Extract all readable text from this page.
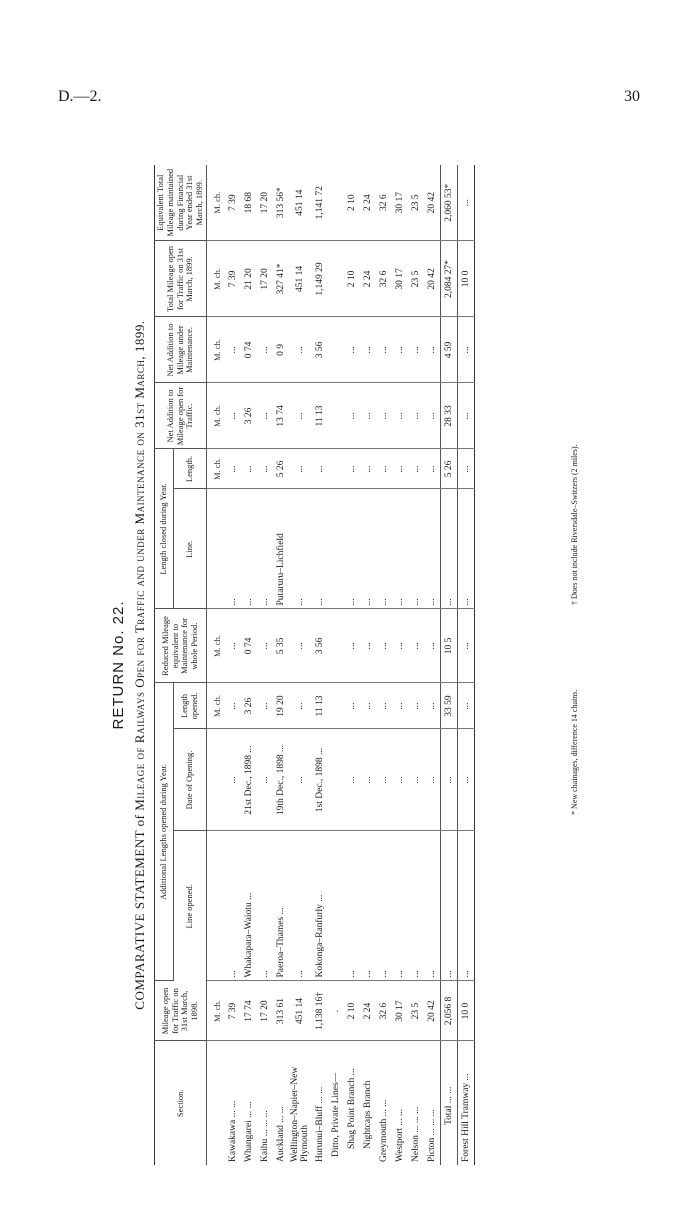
D.—2.	30
RETURN No. 22.
COMPARATIVE STATEMENT of Mileage of Railways Open for Traffic and under Maintenance on 31st March, 1899.
Section.	Mileage open for Traffic on 31st March, 1898.	Additional Lengths opened during Year.			Reduced Mileage equivalent to Maintenance for whole Period.	Length closed during Year.		Net Addition to Mileage open for Traffic.	Net Addition to Mileage under Maintenance.	Total Mileage open for Traffic on 31st March, 1899.	Equivalent Total Mileage maintained during Financial Year ended 31st March, 1899.
		Line opened.	Date of Opening.	Length opened.		Line.	Length.				
	M. ch.			M. ch.	M. ch.		M. ch.	M. ch.	M. ch.	M. ch.	M. ch.
Kawakawa ... ...	7 39	...	...	...	...	...	...	...	...	7 39	7 39
Whangarei ... ...	17 74	Whakapara–Waiotu ...	21st Dec., 1898 ...	3 26	0 74	...	...	3 26	0 74	21 20	18 68
Kaihu ... ... ...	17 20	...	...	...	...	...	...	...	...	17 20	17 20
Auckland ... ...	313 61	Paeroa–Thames ...	19th Dec., 1898 ...	19 20	5 35	Putaruru–Lichfield	5 26	13 74	0 9	327 41*	313 56*
Wellington–Napier–New Plymouth	451 14	...	...	...	...	...	...	...	...	451 14	451 14
Hurunui–Bluff ... ...	1,138 16†	Kokonga–Ranfurly ...	1st Dec., 1898 ...	11 13	3 56	...	...	11 13	3 56	1,149 29	1,141 72
Ditto, Private Lines—	.										
Shag Point Branch ...	2 10	...	...	...	...	...	...	...	...	2 10	2 10
Nightcaps Branch	2 24	...	...	...	...	...	...	...	...	2 24	2 24
Greymouth ... ...	32 6	...	...	...	...	...	...	...	...	32 6	32 6
Westport ... ...	30 17	...	...	...	...	...	...	...	...	30 17	30 17
Nelson ... ... ...	23 5	...	...	...	...	...	...	...	...	23 5	23 5
Picton ... ... ...	20 42	...	...	...	...	...	...	...	...	20 42	20 42
Total ... ...	2,056 8	...	...	33 59	10 5	...	5 26	28 33	4 59	2,084 27*	2,060 53*
Forest Hill Tramway ...	10 0	...	...	...	...	...	...	...	...	10 0	...
* New chainages, difference 14 chains.
† Does not include Riversdale–Switzers (2 miles).
